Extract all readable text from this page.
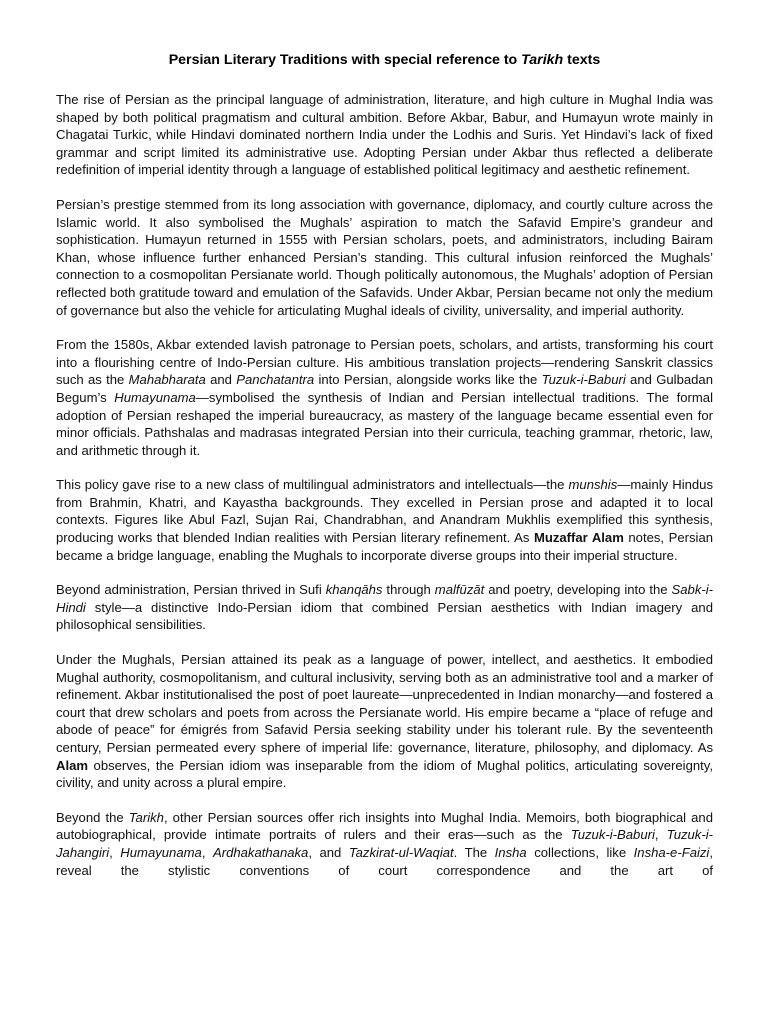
Persian Literary Traditions with special reference to Tarikh texts

The rise of Persian as the principal language of administration, literature, and high culture in Mughal India was shaped by both political pragmatism and cultural ambition. Before Akbar, Babur, and Humayun wrote mainly in Chagatai Turkic, while Hindavi dominated northern India under the Lodhis and Suris. Yet Hindavi’s lack of fixed grammar and script limited its administrative use. Adopting Persian under Akbar thus reflected a deliberate redefinition of imperial identity through a language of established political legitimacy and aesthetic refinement.

Persian’s prestige stemmed from its long association with governance, diplomacy, and courtly culture across the Islamic world. It also symbolised the Mughals’ aspiration to match the Safavid Empire’s grandeur and sophistication. Humayun returned in 1555 with Persian scholars, poets, and administrators, including Bairam Khan, whose influence further enhanced Persian’s standing. This cultural infusion reinforced the Mughals’ connection to a cosmopolitan Persianate world. Though politically autonomous, the Mughals’ adoption of Persian reflected both gratitude toward and emulation of the Safavids. Under Akbar, Persian became not only the medium of governance but also the vehicle for articulating Mughal ideals of civility, universality, and imperial authority.

From the 1580s, Akbar extended lavish patronage to Persian poets, scholars, and artists, transforming his court into a flourishing centre of Indo-Persian culture. His ambitious translation projects—rendering Sanskrit classics such as the Mahabharata and Panchatantra into Persian, alongside works like the Tuzuk-i-Baburi and Gulbadan Begum’s Humayunama—symbolised the synthesis of Indian and Persian intellectual traditions. The formal adoption of Persian reshaped the imperial bureaucracy, as mastery of the language became essential even for minor officials. Pathshalas and madrasas integrated Persian into their curricula, teaching grammar, rhetoric, law, and arithmetic through it.

This policy gave rise to a new class of multilingual administrators and intellectuals—the munshis—mainly Hindus from Brahmin, Khatri, and Kayastha backgrounds. They excelled in Persian prose and adapted it to local contexts. Figures like Abul Fazl, Sujan Rai, Chandrabhan, and Anandram Mukhlis exemplified this synthesis, producing works that blended Indian realities with Persian literary refinement. As Muzaffar Alam notes, Persian became a bridge language, enabling the Mughals to incorporate diverse groups into their imperial structure.

Beyond administration, Persian thrived in Sufi khanqāhs through malfūzāt and poetry, developing into the Sabk-i-Hindi style—a distinctive Indo-Persian idiom that combined Persian aesthetics with Indian imagery and philosophical sensibilities.

Under the Mughals, Persian attained its peak as a language of power, intellect, and aesthetics. It embodied Mughal authority, cosmopolitanism, and cultural inclusivity, serving both as an administrative tool and a marker of refinement. Akbar institutionalised the post of poet laureate—unprecedented in Indian monarchy—and fostered a court that drew scholars and poets from across the Persianate world. His empire became a “place of refuge and abode of peace” for émigrés from Safavid Persia seeking stability under his tolerant rule. By the seventeenth century, Persian permeated every sphere of imperial life: governance, literature, philosophy, and diplomacy. As Alam observes, the Persian idiom was inseparable from the idiom of Mughal politics, articulating sovereignty, civility, and unity across a plural empire.

Beyond the Tarikh, other Persian sources offer rich insights into Mughal India. Memoirs, both biographical and autobiographical, provide intimate portraits of rulers and their eras—such as the Tuzuk-i-Baburi, Tuzuk-i-Jahangiri, Humayunama, Ardhakathanaka, and Tazkirat-ul-Waqiat. The Insha collections, like Insha-e-Faizi, reveal the stylistic conventions of court correspondence and the art of
